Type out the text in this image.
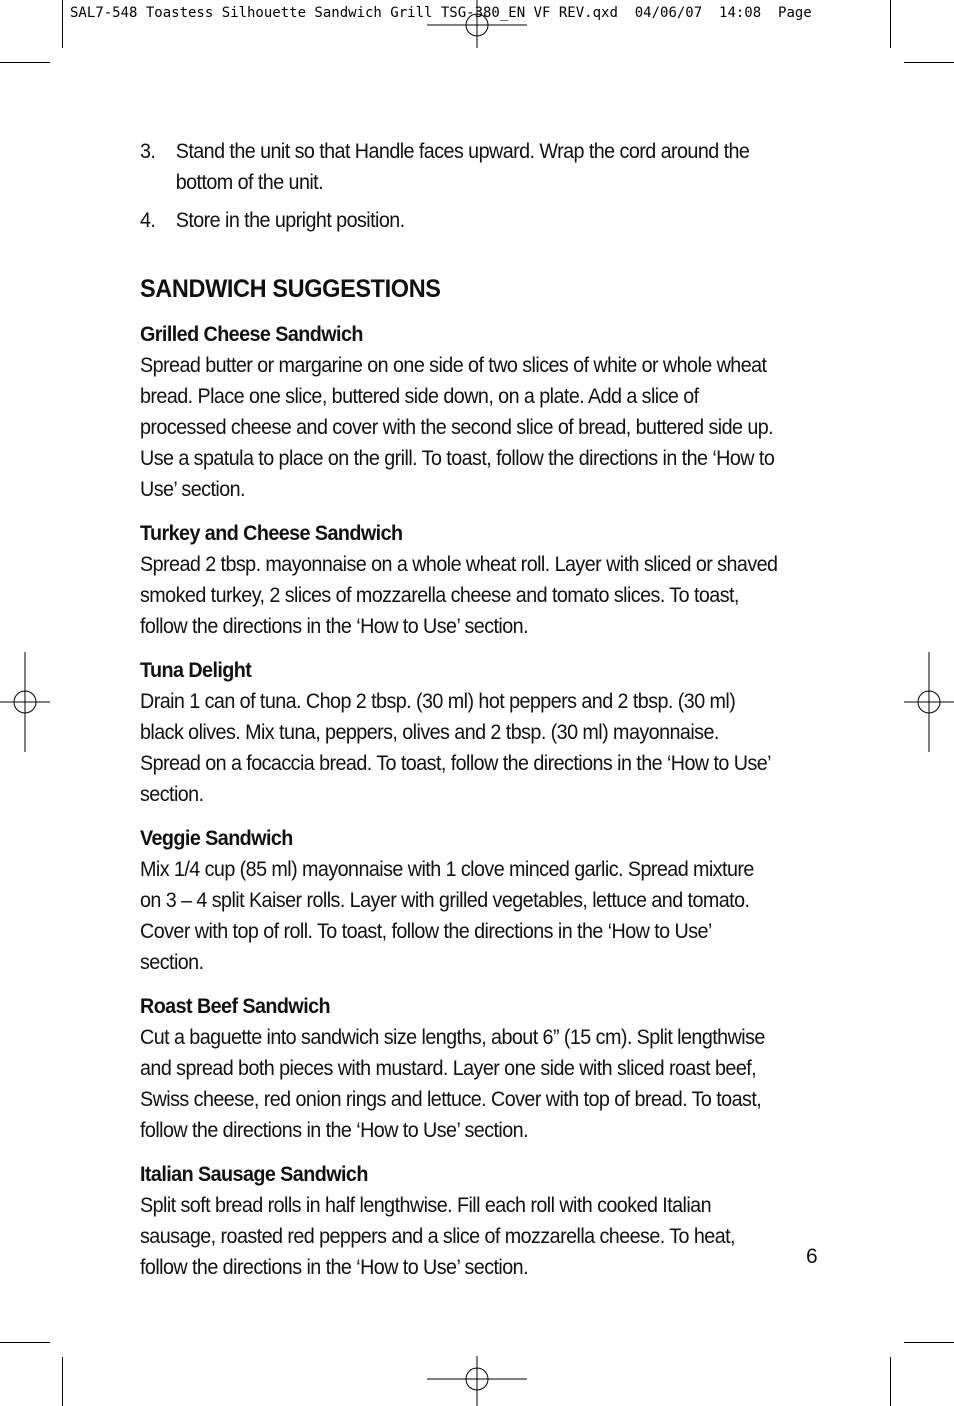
SAL7-548 Toastess Silhouette Sandwich Grill TSG-380_EN VF REV.qxd  04/06/07  14:08  Page
3. Stand the unit so that Handle faces upward. Wrap the cord around the bottom of the unit.
4. Store in the upright position.
SANDWICH SUGGESTIONS
Grilled Cheese Sandwich

Spread butter or margarine on one side of two slices of white or whole wheat bread. Place one slice, buttered side down, on a plate. Add a slice of processed cheese and cover with the second slice of bread, buttered side up. Use a spatula to place on the grill. To toast, follow the directions in the ‘How to Use’ section.

Turkey and Cheese Sandwich

Spread 2 tbsp. mayonnaise on a whole wheat roll. Layer with sliced or shaved smoked turkey, 2 slices of mozzarella cheese and tomato slices. To toast, follow the directions in the ‘How to Use’ section.

Tuna Delight

Drain 1 can of tuna. Chop 2 tbsp. (30 ml) hot peppers and 2 tbsp. (30 ml) black olives. Mix tuna, peppers, olives and 2 tbsp. (30 ml) mayonnaise. Spread on a focaccia bread. To toast, follow the directions in the ‘How to Use’ section.

Veggie Sandwich

Mix 1/4 cup (85 ml) mayonnaise with 1 clove minced garlic. Spread mixture on 3 – 4 split Kaiser rolls. Layer with grilled vegetables, lettuce and tomato. Cover with top of roll. To toast, follow the directions in the ‘How to Use’ section.

Roast Beef Sandwich

Cut a baguette into sandwich size lengths, about 6” (15 cm). Split lengthwise and spread both pieces with mustard. Layer one side with sliced roast beef, Swiss cheese, red onion rings and lettuce. Cover with top of bread. To toast, follow the directions in the ‘How to Use’ section.

Italian Sausage Sandwich

Split soft bread rolls in half lengthwise. Fill each roll with cooked Italian sausage, roasted red peppers and a slice of mozzarella cheese. To heat, follow the directions in the ‘How to Use’ section.	6
